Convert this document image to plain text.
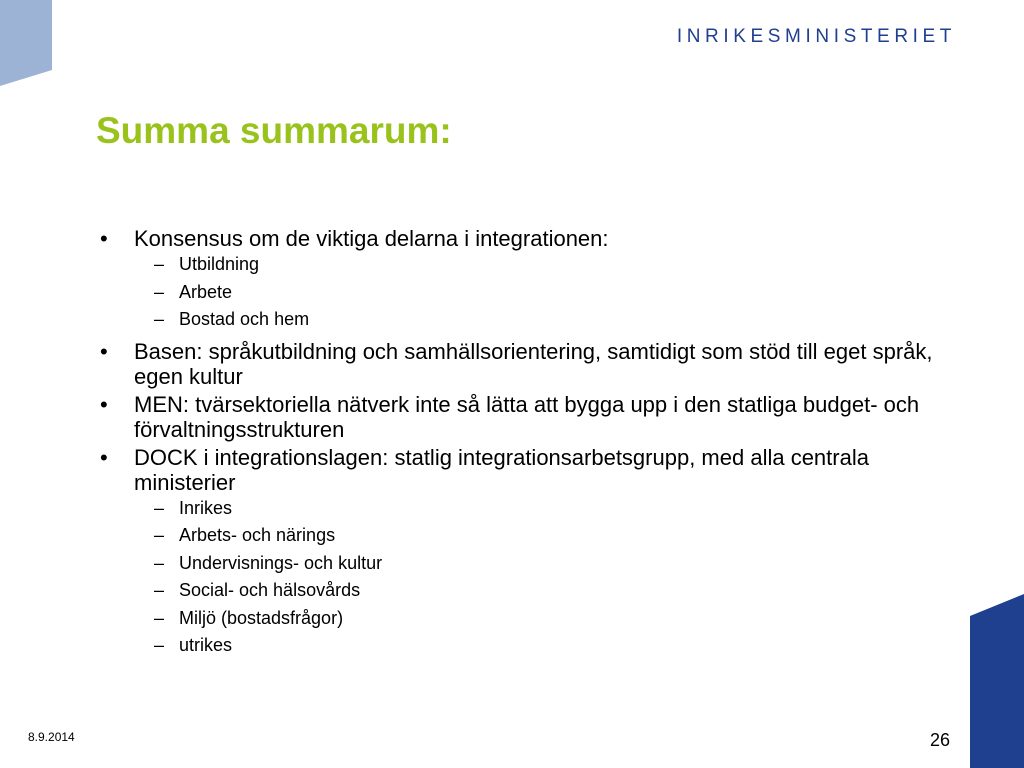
INRIKESMINISTERIET
Summa summarum:
• Konsensus om de viktiga delarna i integrationen:
– Utbildning
– Arbete
– Bostad och hem
• Basen: språkutbildning och samhällsorientering, samtidigt som stöd till eget språk, egen kultur
• MEN: tvärsektoriella nätverk inte så lätta att bygga upp i den statliga budget- och förvaltningsstrukturen
• DOCK i integrationslagen: statlig integrationsarbetsgrupp, med alla centrala ministerier
– Inrikes
– Arbets- och närings
– Undervisnings- och kultur
– Social- och hälsovårds
– Miljö (bostadsfrågor)
– utrikes
8.9.2014	26
